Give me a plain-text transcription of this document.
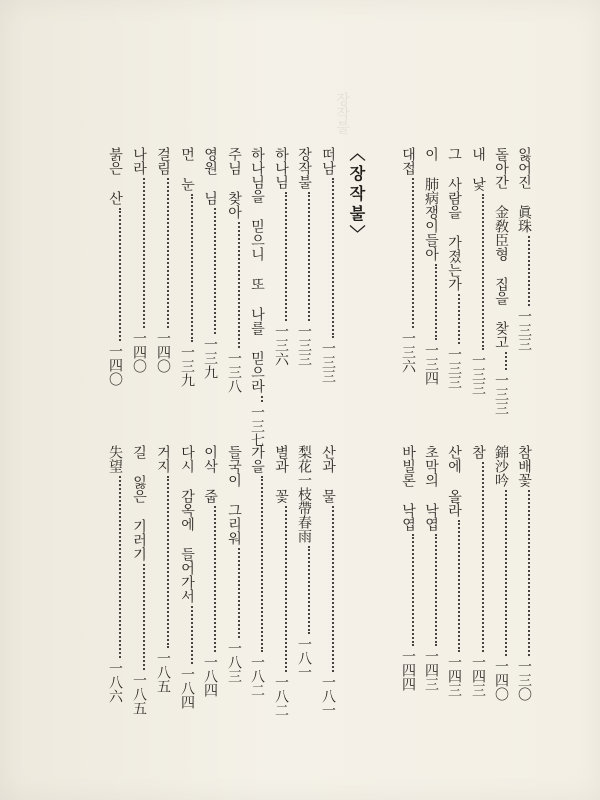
장작불
〈장작불〉	잃어진 眞珠一三三
돌아간 金敎臣형 집을 찾고一三三
내 낯一三三
그 사람을 가졌는가一三三
이 肺病쟁이들아一三四
대접一三六
떠남一三三
장작불一三三
하나님一三六
하나님을 믿으니 또 나를 믿으라一三七
주님 찾아一三八
영원 님一三九
먼 눈一三九
걸림一四〇
나라一四〇
붉은 산一四〇
참배꽃一三〇
錦沙吟一四〇
참一四三
산에 올라一四三
초막의 낙엽一四三
바빌론 낙엽一四四
산과 물一八一
梨花一枝帶春雨一八一
별과 꽃一八二
가을一八二
들국이 그리워一八三
이삭 줍一八四
다시 감옥에 들어가서一八四
거지一八五
길 잃은 기러기一八五
失望一八六
